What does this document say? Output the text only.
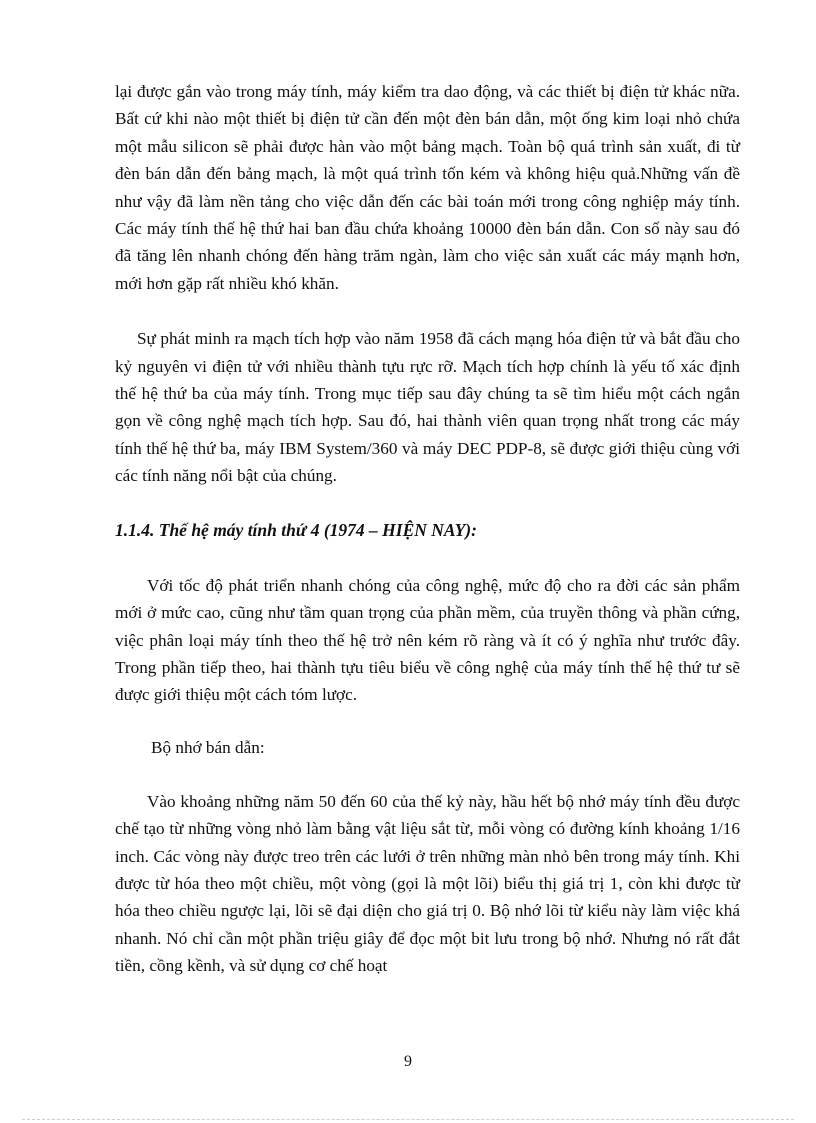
lại được gắn vào trong máy tính, máy kiểm tra dao động, và các thiết bị điện tử khác nữa. Bất cứ khi nào một thiết bị điện tử cần đến một đèn bán dẫn, một ống kim loại nhỏ chứa một mẫu silicon sẽ phải được hàn vào một bảng mạch. Toàn bộ quá trình sản xuất, đi từ đèn bán dẫn đến bảng mạch, là một quá trình tốn kém và không hiệu quả.Những vấn đề như vậy đã làm nền tảng cho việc dẫn đến các bài toán mới trong công nghiệp máy tính. Các máy tính thế hệ thứ hai ban đầu chứa khoảng 10000 đèn bán dẫn. Con số này sau đó đã tăng lên nhanh chóng đến hàng trăm ngàn, làm cho việc sản xuất các máy mạnh hơn, mới hơn gặp rất nhiều khó khăn.

Sự phát minh ra mạch tích hợp vào năm 1958 đã cách mạng hóa điện tử và bắt đầu cho kỷ nguyên vi điện tử với nhiều thành tựu rực rỡ. Mạch tích hợp chính là yếu tố xác định thế hệ thứ ba của máy tính. Trong mục tiếp sau đây chúng ta sẽ tìm hiểu một cách ngắn gọn về công nghệ mạch tích hợp. Sau đó, hai thành viên quan trọng nhất trong các máy tính thế hệ thứ ba, máy IBM System/360 và máy DEC PDP-8, sẽ được giới thiệu cùng với các tính năng nổi bật của chúng.

1.1.4. Thế hệ máy tính thứ 4 (1974 – HIỆN NAY):

Với tốc độ phát triển nhanh chóng của công nghệ, mức độ cho ra đời các sản phẩm mới ở mức cao, cũng như tầm quan trọng của phần mềm, của truyền thông và phần cứng, việc phân loại máy tính theo thế hệ trở nên kém rõ ràng và ít có ý nghĩa như trước đây. Trong phần tiếp theo, hai thành tựu tiêu biểu về công nghệ của máy tính thế hệ thứ tư sẽ được giới thiệu một cách tóm lược.

Bộ nhớ bán dẫn:

Vào khoảng những năm 50 đến 60 của thế kỷ này, hầu hết bộ nhớ máy tính đều được chế tạo từ những vòng nhỏ làm bằng vật liệu sắt từ, mỗi vòng có đường kính khoảng 1/16 inch. Các vòng này được treo trên các lưới ở trên những màn nhỏ bên trong máy tính. Khi được từ hóa theo một chiều, một vòng (gọi là một lõi) biểu thị giá trị 1, còn khi được từ hóa theo chiều ngược lại, lõi sẽ đại diện cho giá trị 0. Bộ nhớ lõi từ kiểu này làm việc khá nhanh. Nó chỉ cần một phần triệu giây để đọc một bit lưu trong bộ nhớ. Nhưng nó rất đắt tiền, cồng kềnh, và sử dụng cơ chế hoạt

9
